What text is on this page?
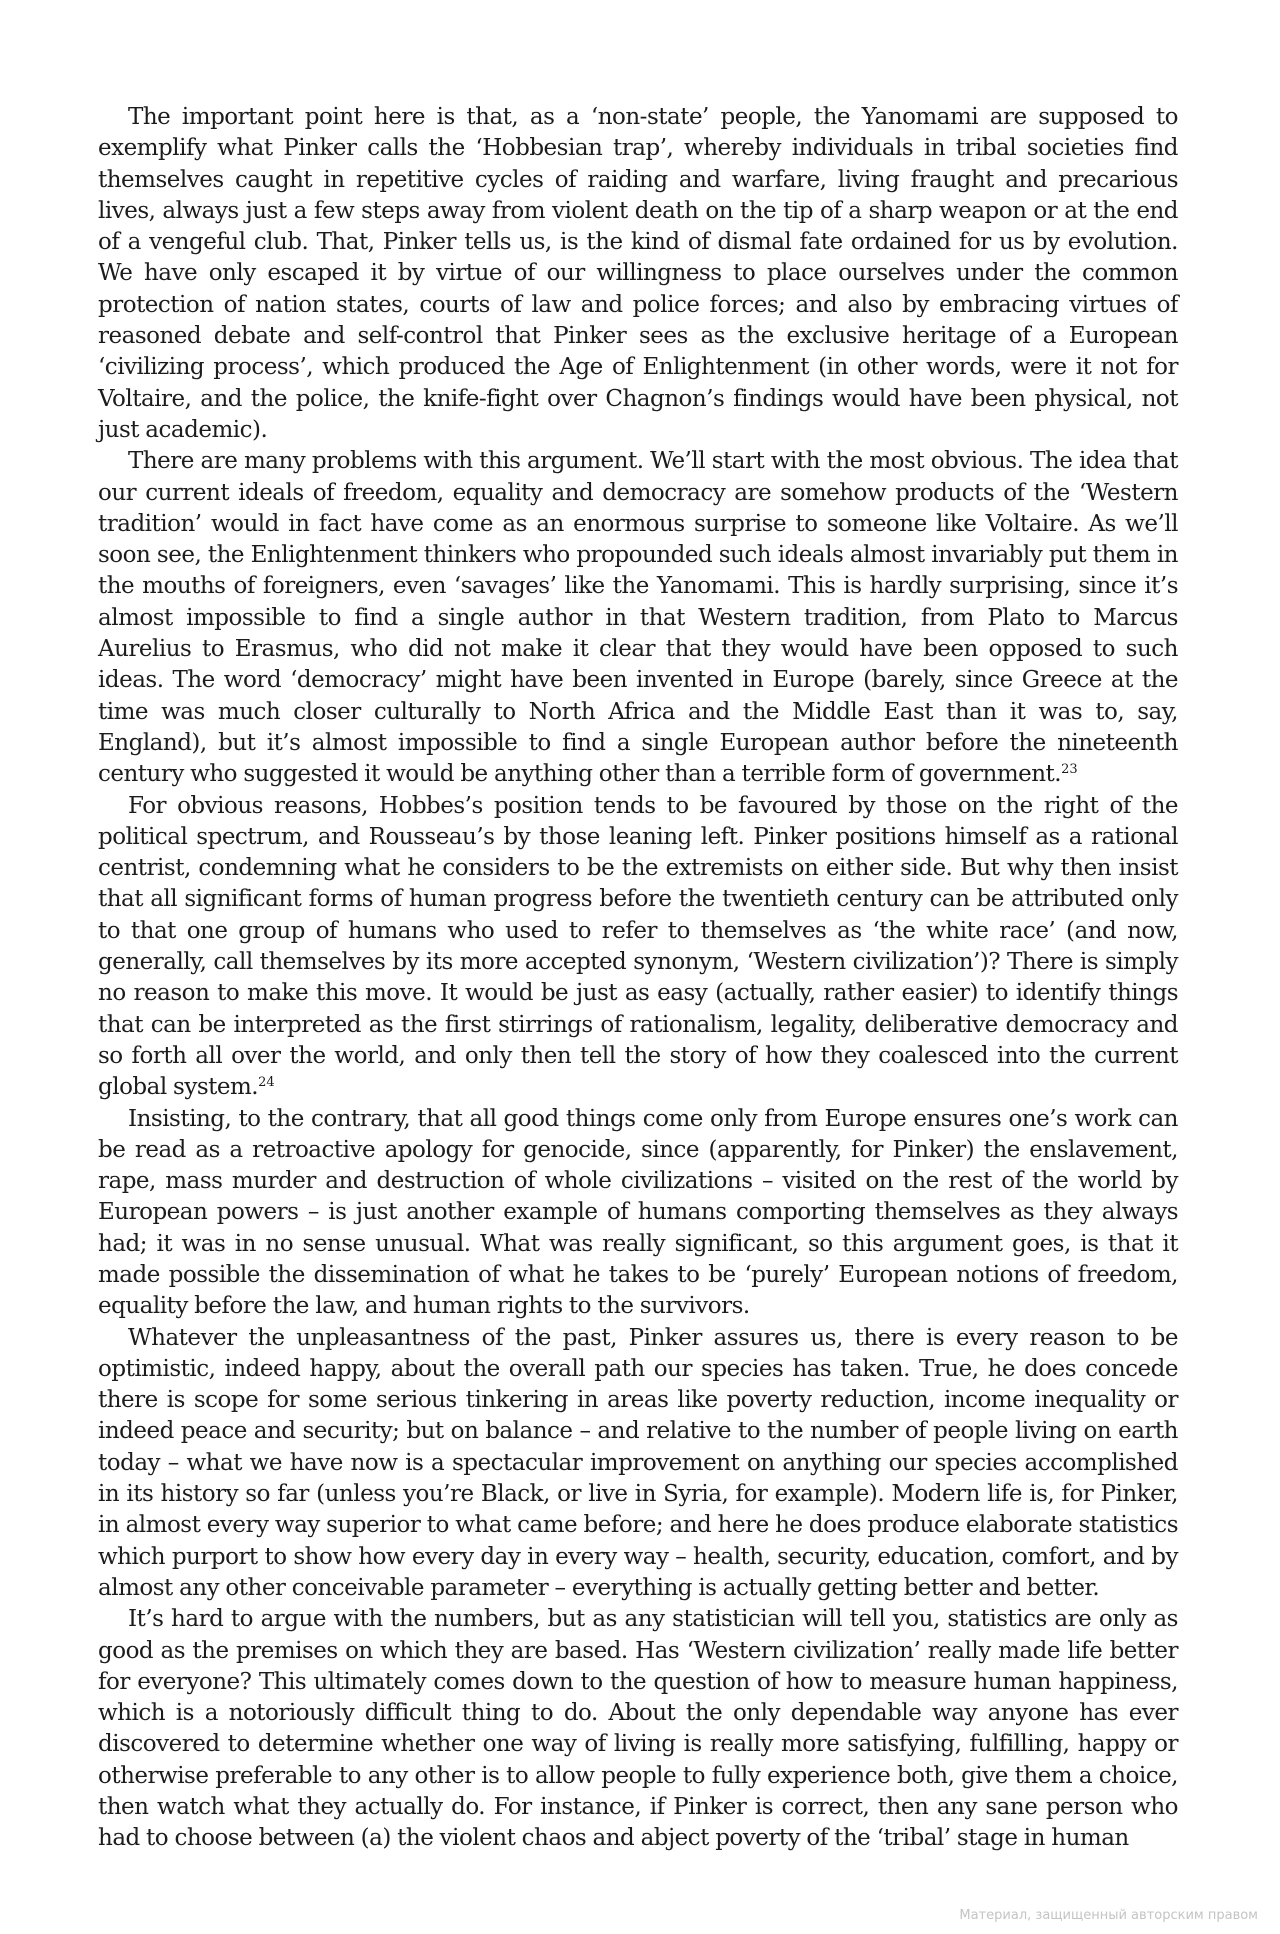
The important point here is that, as a ‘non-state’ people, the Yanomami are supposed to exemplify what Pinker calls the ‘Hobbesian trap’, whereby individuals in tribal societies find themselves caught in repetitive cycles of raiding and warfare, living fraught and precarious lives, always just a few steps away from violent death on the tip of a sharp weapon or at the end of a vengeful club. That, Pinker tells us, is the kind of dismal fate ordained for us by evolution. We have only escaped it by virtue of our willingness to place ourselves under the common protection of nation states, courts of law and police forces; and also by embracing virtues of reasoned debate and self-control that Pinker sees as the exclusive heritage of a European ‘civilizing process’, which produced the Age of Enlightenment (in other words, were it not for Voltaire, and the police, the knife-fight over Chagnon’s findings would have been physical, not just academic).

There are many problems with this argument. We’ll start with the most obvious. The idea that our current ideals of freedom, equality and democracy are somehow products of the ‘Western tradition’ would in fact have come as an enormous surprise to someone like Voltaire. As we’ll soon see, the Enlightenment thinkers who propounded such ideals almost invariably put them in the mouths of foreigners, even ‘savages’ like the Yanomami. This is hardly surprising, since it’s almost impossible to find a single author in that Western tradition, from Plato to Marcus Aurelius to Erasmus, who did not make it clear that they would have been opposed to such ideas. The word ‘democracy’ might have been invented in Europe (barely, since Greece at the time was much closer culturally to North Africa and the Middle East than it was to, say, England), but it’s almost impossible to find a single European author before the nineteenth century who suggested it would be anything other than a terrible form of government.$^{23}$

For obvious reasons, Hobbes’s position tends to be favoured by those on the right of the political spectrum, and Rousseau’s by those leaning left. Pinker positions himself as a rational centrist, condemning what he considers to be the extremists on either side. But why then insist that all significant forms of human progress before the twentieth century can be attributed only to that one group of humans who used to refer to themselves as ‘the white race’ (and now, generally, call themselves by its more accepted synonym, ‘Western civilization’)? There is simply no reason to make this move. It would be just as easy (actually, rather easier) to identify things that can be interpreted as the first stirrings of rationalism, legality, deliberative democracy and so forth all over the world, and only then tell the story of how they coalesced into the current global system.$^{24}$

Insisting, to the contrary, that all good things come only from Europe ensures one’s work can be read as a retroactive apology for genocide, since (apparently, for Pinker) the enslavement, rape, mass murder and destruction of whole civilizations – visited on the rest of the world by European powers – is just another example of humans comporting themselves as they always had; it was in no sense unusual. What was really significant, so this argument goes, is that it made possible the dissemination of what he takes to be ‘purely’ European notions of freedom, equality before the law, and human rights to the survivors.

Whatever the unpleasantness of the past, Pinker assures us, there is every reason to be optimistic, indeed happy, about the overall path our species has taken. True, he does concede there is scope for some serious tinkering in areas like poverty reduction, income inequality or indeed peace and security; but on balance – and relative to the number of people living on earth today – what we have now is a spectacular improvement on anything our species accomplished in its history so far (unless you’re Black, or live in Syria, for example). Modern life is, for Pinker, in almost every way superior to what came before; and here he does produce elaborate statistics which purport to show how every day in every way – health, security, education, comfort, and by almost any other conceivable parameter – everything is actually getting better and better.

It’s hard to argue with the numbers, but as any statistician will tell you, statistics are only as good as the premises on which they are based. Has ‘Western civilization’ really made life better for everyone? This ultimately comes down to the question of how to measure human happiness, which is a notoriously difficult thing to do. About the only dependable way anyone has ever discovered to determine whether one way of living is really more satisfying, fulfilling, happy or otherwise preferable to any other is to allow people to fully experience both, give them a choice, then watch what they actually do. For instance, if Pinker is correct, then any sane person who had to choose between (a) the violent chaos and abject poverty of the ‘tribal’ stage in human

Материал, защищенный авторским правом
